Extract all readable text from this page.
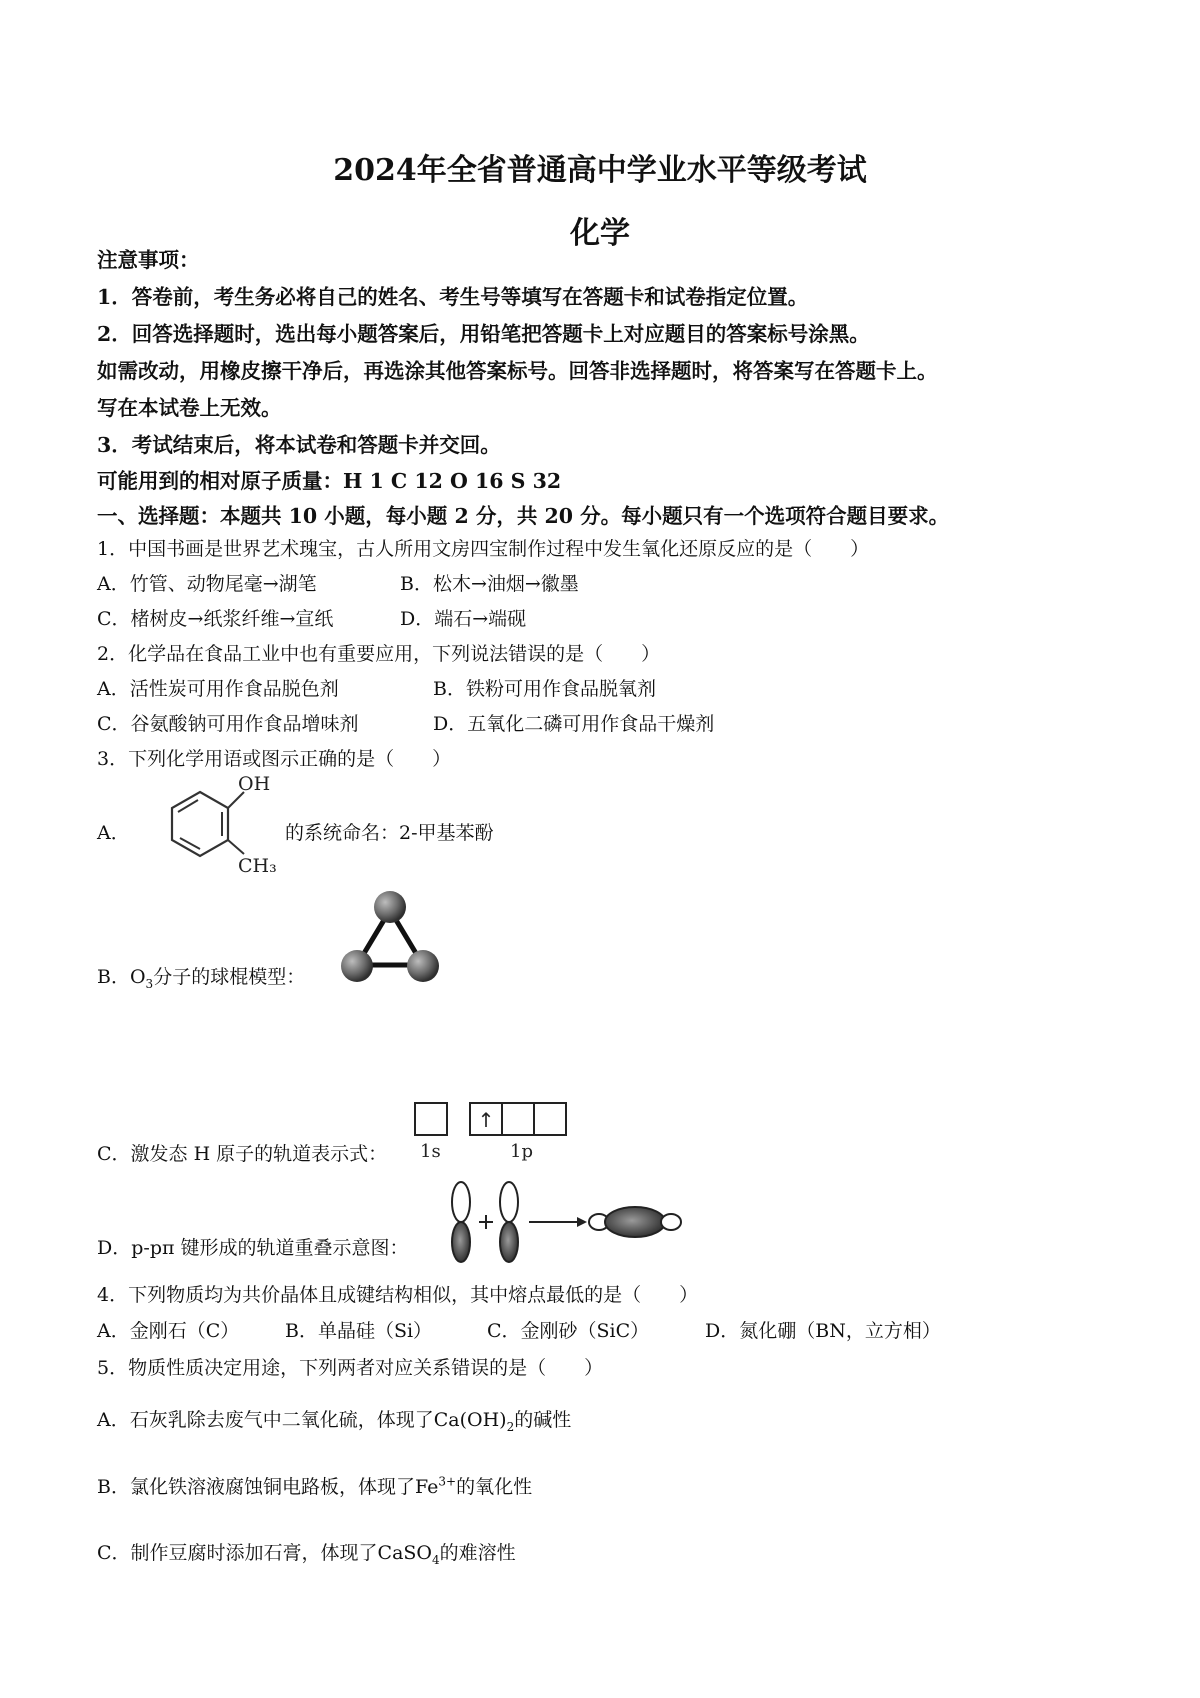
2024年全省普通高中学业水平等级考试
化学
注意事项：
1．答卷前，考生务必将自己的姓名、考生号等填写在答题卡和试卷指定位置。
2．回答选择题时，选出每小题答案后，用铅笔把答题卡上对应题目的答案标号涂黑。
如需改动，用橡皮擦干净后，再选涂其他答案标号。回答非选择题时，将答案写在答题卡上。
写在本试卷上无效。
3．考试结束后，将本试卷和答题卡并交回。
可能用到的相对原子质量：H 1 C 12 O 16 S 32
一、选择题：本题共 10 小题，每小题 2 分，共 20 分。每小题只有一个选项符合题目要求。
1．中国书画是世界艺术瑰宝，古人所用文房四宝制作过程中发生氧化还原反应的是（　　）
A．竹管、动物尾毫→湖笔	B．松木→油烟→徽墨
C．楮树皮→纸浆纤维→宣纸	D．端石→端砚
2．化学品在食品工业中也有重要应用，下列说法错误的是（　　）
A．活性炭可用作食品脱色剂	B．铁粉可用作食品脱氧剂
C．谷氨酸钠可用作食品增味剂	D．五氧化二磷可用作食品干燥剂
3．下列化学用语或图示正确的是（　　）
A．
OH
CH₃
的系统命名：2-甲基苯酚
B．$O_3$分子的球棍模型：
C．激发态 H 原子的轨道表示式：
↑
1s	1p
D．p-pπ 键形成的轨道重叠示意图：
4．下列物质均为共价晶体且成键结构相似，其中熔点最低的是（　　）
A．金刚石（C） B．单晶硅（Si）	C．金刚砂（SiC）	D．氮化硼（BN，立方相）
5．物质性质决定用途，下列两者对应关系错误的是（　　）
A．石灰乳除去废气中二氧化硫，体现了$Ca(OH)_2$的碱性
B．氯化铁溶液腐蚀铜电路板，体现了$Fe^{3+}$的氧化性
C．制作豆腐时添加石膏，体现了CaSO$_4$的难溶性
